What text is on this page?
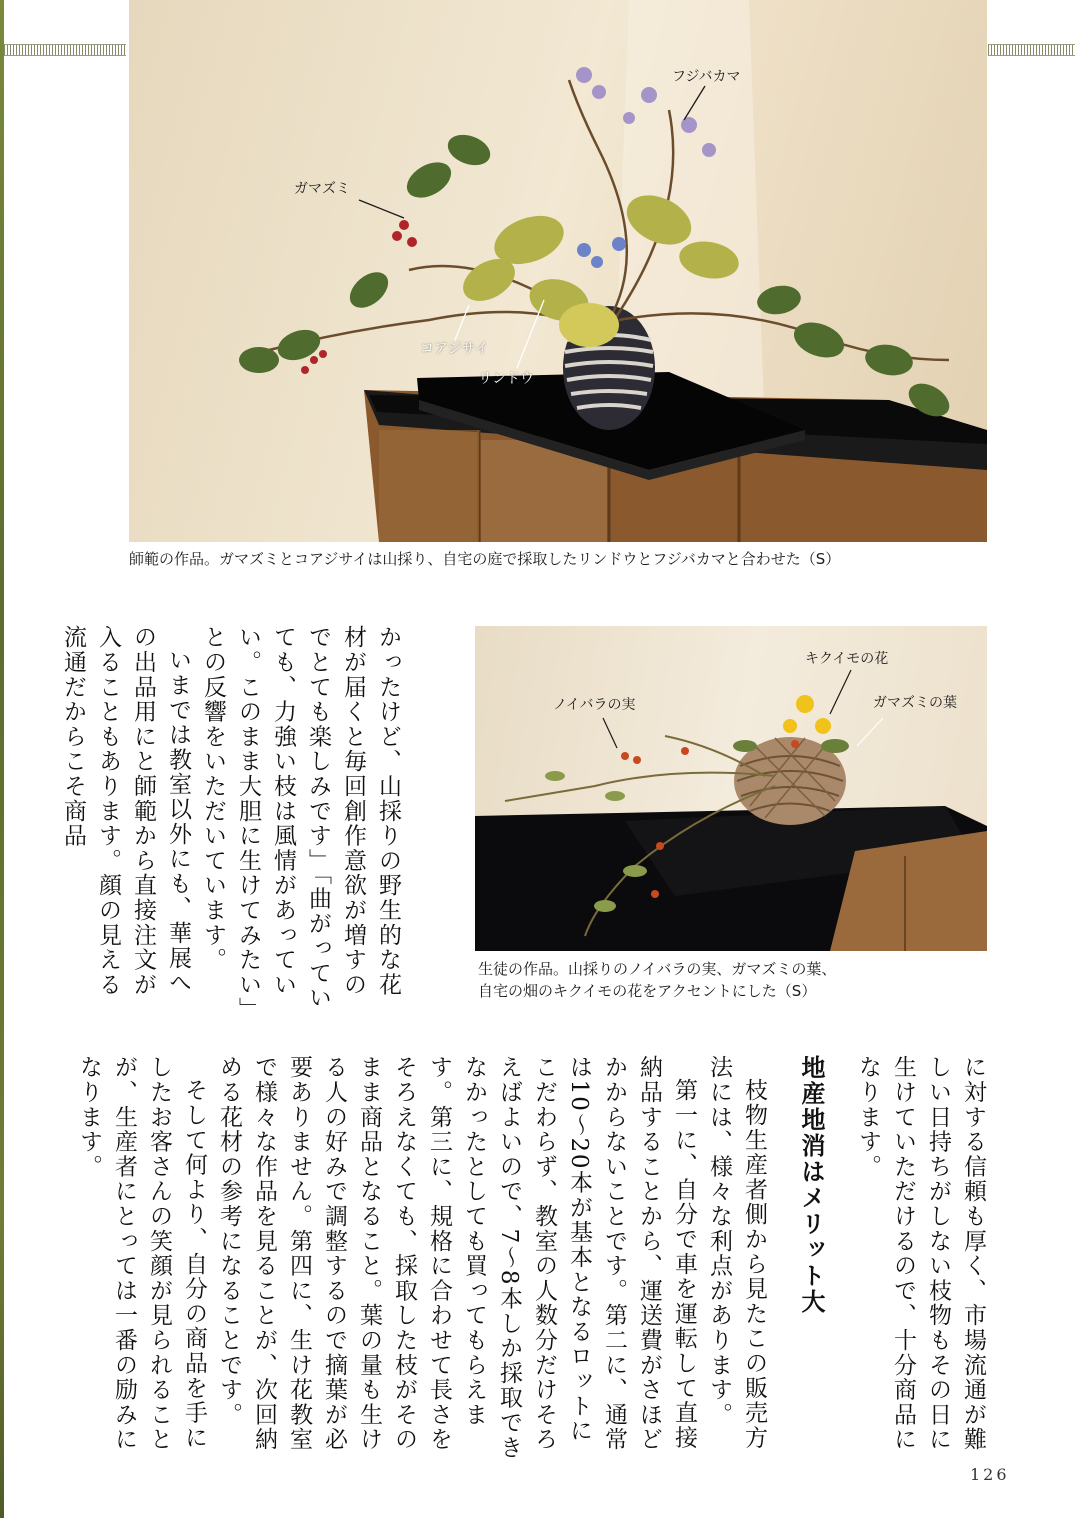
フジバカマ
ガマズミ
コアジサイ
リンドウ
師範の作品。ガマズミとコアジサイは山採り、自宅の庭で採取したリンドウとフジバカマと合わせた（S）
キクイモの花
ノイバラの実	ガマズミの葉
生徒の作品。山採りのノイバラの実、ガマズミの葉、
自宅の畑のキクイモの花をアクセントにした（S）

かったけど、山採りの野生的な花材が届くと毎回創作意欲が増すのでとても楽しみです」「曲がっていても、力強い枝は風情があっていい。このまま大胆に生けてみたい」との反響をいただいています。

いまでは教室以外にも、華展への出品用にと師範から直接注文が入ることもあります。顔の見える流通だからこそ商品

に対する信頼も厚く、市場流通が難しい日持ちがしない枝物もその日に生けていただけるので、十分商品になります。

地産地消はメリット大

枝物生産者側から見たこの販売方法には、様々な利点があります。

第一に、自分で車を運転して直接納品することから、運送費がさほどかからないことです。第二に、通常は10～20本が基本となるロットにこだわらず、教室の人数分だけそろえばよいので、7～8本しか採取できなかったとしても買ってもらえます。第三に、規格に合わせて長さをそろえなくても、採取した枝がそのまま商品となること。葉の量も生ける人の好みで調整するので摘葉が必要ありません。第四に、生け花教室で様々な作品を見ることが、次回納める花材の参考になることです。

そして何より、自分の商品を手にしたお客さんの笑顔が見られることが、生産者にとっては一番の励みになります。

126
